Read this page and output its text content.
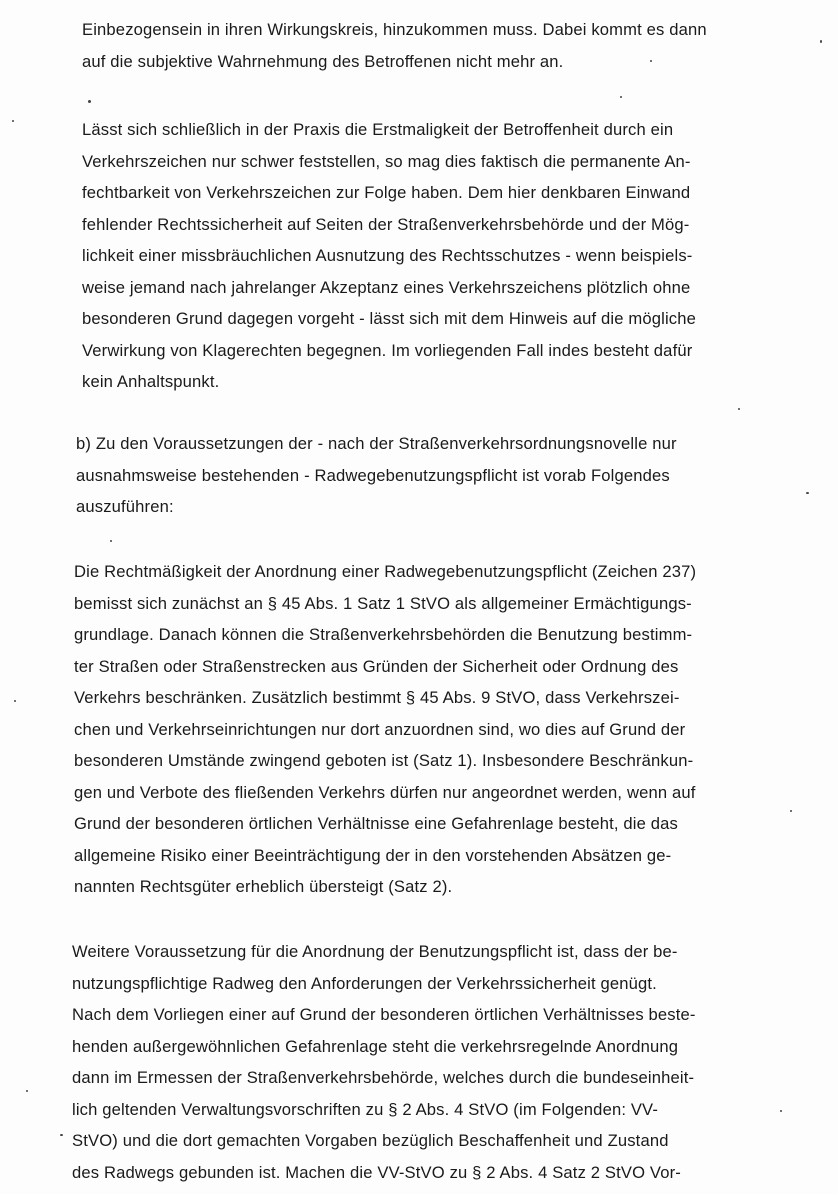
Einbezogensein in ihren Wirkungskreis, hinzukommen muss. Dabei kommt es dann
auf die subjektive Wahrnehmung des Betroffenen nicht mehr an.
Lässt sich schließlich in der Praxis die Erstmaligkeit der Betroffenheit durch ein
Verkehrszeichen nur schwer feststellen, so mag dies faktisch die permanente An-
fechtbarkeit von Verkehrszeichen zur Folge haben. Dem hier denkbaren Einwand
fehlender Rechtssicherheit auf Seiten der Straßenverkehrsbehörde und der Mög-
lichkeit einer missbräuchlichen Ausnutzung des Rechtsschutzes - wenn beispiels-
weise jemand nach jahrelanger Akzeptanz eines Verkehrszeichens plötzlich ohne
besonderen Grund dagegen vorgeht - lässt sich mit dem Hinweis auf die mögliche
Verwirkung von Klagerechten begegnen. Im vorliegenden Fall indes besteht dafür
kein Anhaltspunkt.
b) Zu den Voraussetzungen der - nach der Straßenverkehrsordnungsnovelle nur
ausnahmsweise bestehenden - Radwegebenutzungspflicht ist vorab Folgendes
auszuführen:
Die Rechtmäßigkeit der Anordnung einer Radwegebenutzungspflicht (Zeichen 237)
bemisst sich zunächst an § 45 Abs. 1 Satz 1 StVO als allgemeiner Ermächtigungs-
grundlage. Danach können die Straßenverkehrsbehörden die Benutzung bestimm-
ter Straßen oder Straßenstrecken aus Gründen der Sicherheit oder Ordnung des
Verkehrs beschränken. Zusätzlich bestimmt § 45 Abs. 9 StVO, dass Verkehrszei-
chen und Verkehrseinrichtungen nur dort anzuordnen sind, wo dies auf Grund der
besonderen Umstände zwingend geboten ist (Satz 1). Insbesondere Beschränkun-
gen und Verbote des fließenden Verkehrs dürfen nur angeordnet werden, wenn auf
Grund der besonderen örtlichen Verhältnisse eine Gefahrenlage besteht, die das
allgemeine Risiko einer Beeinträchtigung der in den vorstehenden Absätzen ge-
nannten Rechtsgüter erheblich übersteigt (Satz 2).
Weitere Voraussetzung für die Anordnung der Benutzungspflicht ist, dass der be-
nutzungspflichtige Radweg den Anforderungen der Verkehrssicherheit genügt.
Nach dem Vorliegen einer auf Grund der besonderen örtlichen Verhältnisses beste-
henden außergewöhnlichen Gefahrenlage steht die verkehrsregelnde Anordnung
dann im Ermessen der Straßenverkehrsbehörde, welches durch die bundeseinheit-
lich geltenden Verwaltungsvorschriften zu § 2 Abs. 4 StVO (im Folgenden: VV-
StVO) und die dort gemachten Vorgaben bezüglich Beschaffenheit und Zustand
des Radwegs gebunden ist. Machen die VV-StVO zu § 2 Abs. 4 Satz 2 StVO Vor-
